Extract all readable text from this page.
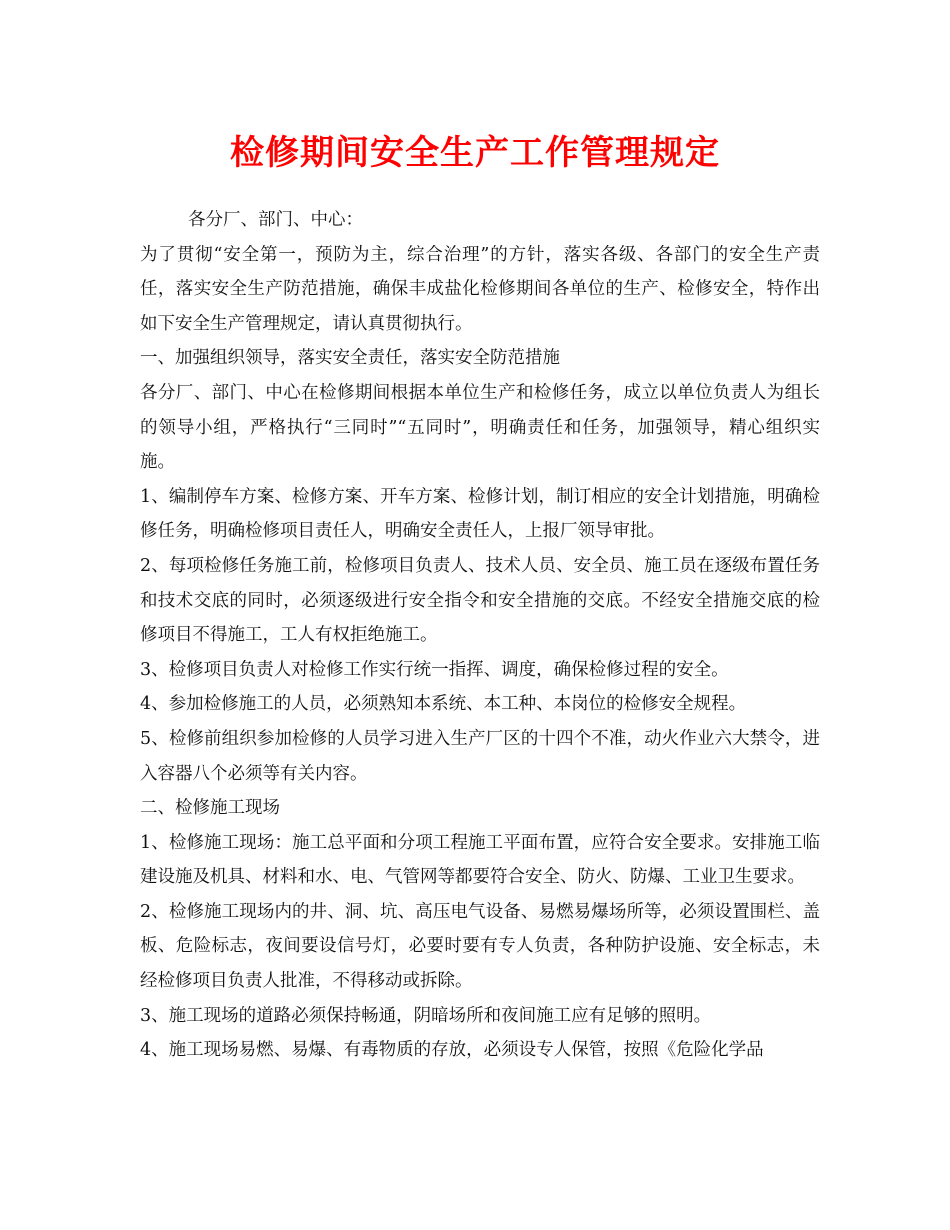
检修期间安全生产工作管理规定

各分厂、部门、中心：

为了贯彻“安全第一，预防为主，综合治理”的方针，落实各级、各部门的安全生产责任，落实安全生产防范措施，确保丰成盐化检修期间各单位的生产、检修安全，特作出如下安全生产管理规定，请认真贯彻执行。

一、加强组织领导，落实安全责任，落实安全防范措施

各分厂、部门、中心在检修期间根据本单位生产和检修任务，成立以单位负责人为组长的领导小组，严格执行“三同时”“五同时”，明确责任和任务，加强领导，精心组织实施。

1、编制停车方案、检修方案、开车方案、检修计划，制订相应的安全计划措施，明确检修任务，明确检修项目责任人，明确安全责任人，上报厂领导审批。

2、每项检修任务施工前，检修项目负责人、技术人员、安全员、施工员在逐级布置任务和技术交底的同时，必须逐级进行安全指令和安全措施的交底。不经安全措施交底的检修项目不得施工，工人有权拒绝施工。

3、检修项目负责人对检修工作实行统一指挥、调度，确保检修过程的安全。

4、参加检修施工的人员，必须熟知本系统、本工种、本岗位的检修安全规程。

5、检修前组织参加检修的人员学习进入生产厂区的十四个不准，动火作业六大禁令，进入容器八个必须等有关内容。

二、检修施工现场

1、检修施工现场：施工总平面和分项工程施工平面布置，应符合安全要求。安排施工临建设施及机具、材料和水、电、气管网等都要符合安全、防火、防爆、工业卫生要求。

2、检修施工现场内的井、洞、坑、高压电气设备、易燃易爆场所等，必须设置围栏、盖板、危险标志，夜间要设信号灯，必要时要有专人负责，各种防护设施、安全标志，未经检修项目负责人批准，不得移动或拆除。

3、施工现场的道路必须保持畅通，阴暗场所和夜间施工应有足够的照明。

4、施工现场易燃、易爆、有毒物质的存放，必须设专人保管，按照《危险化学品
